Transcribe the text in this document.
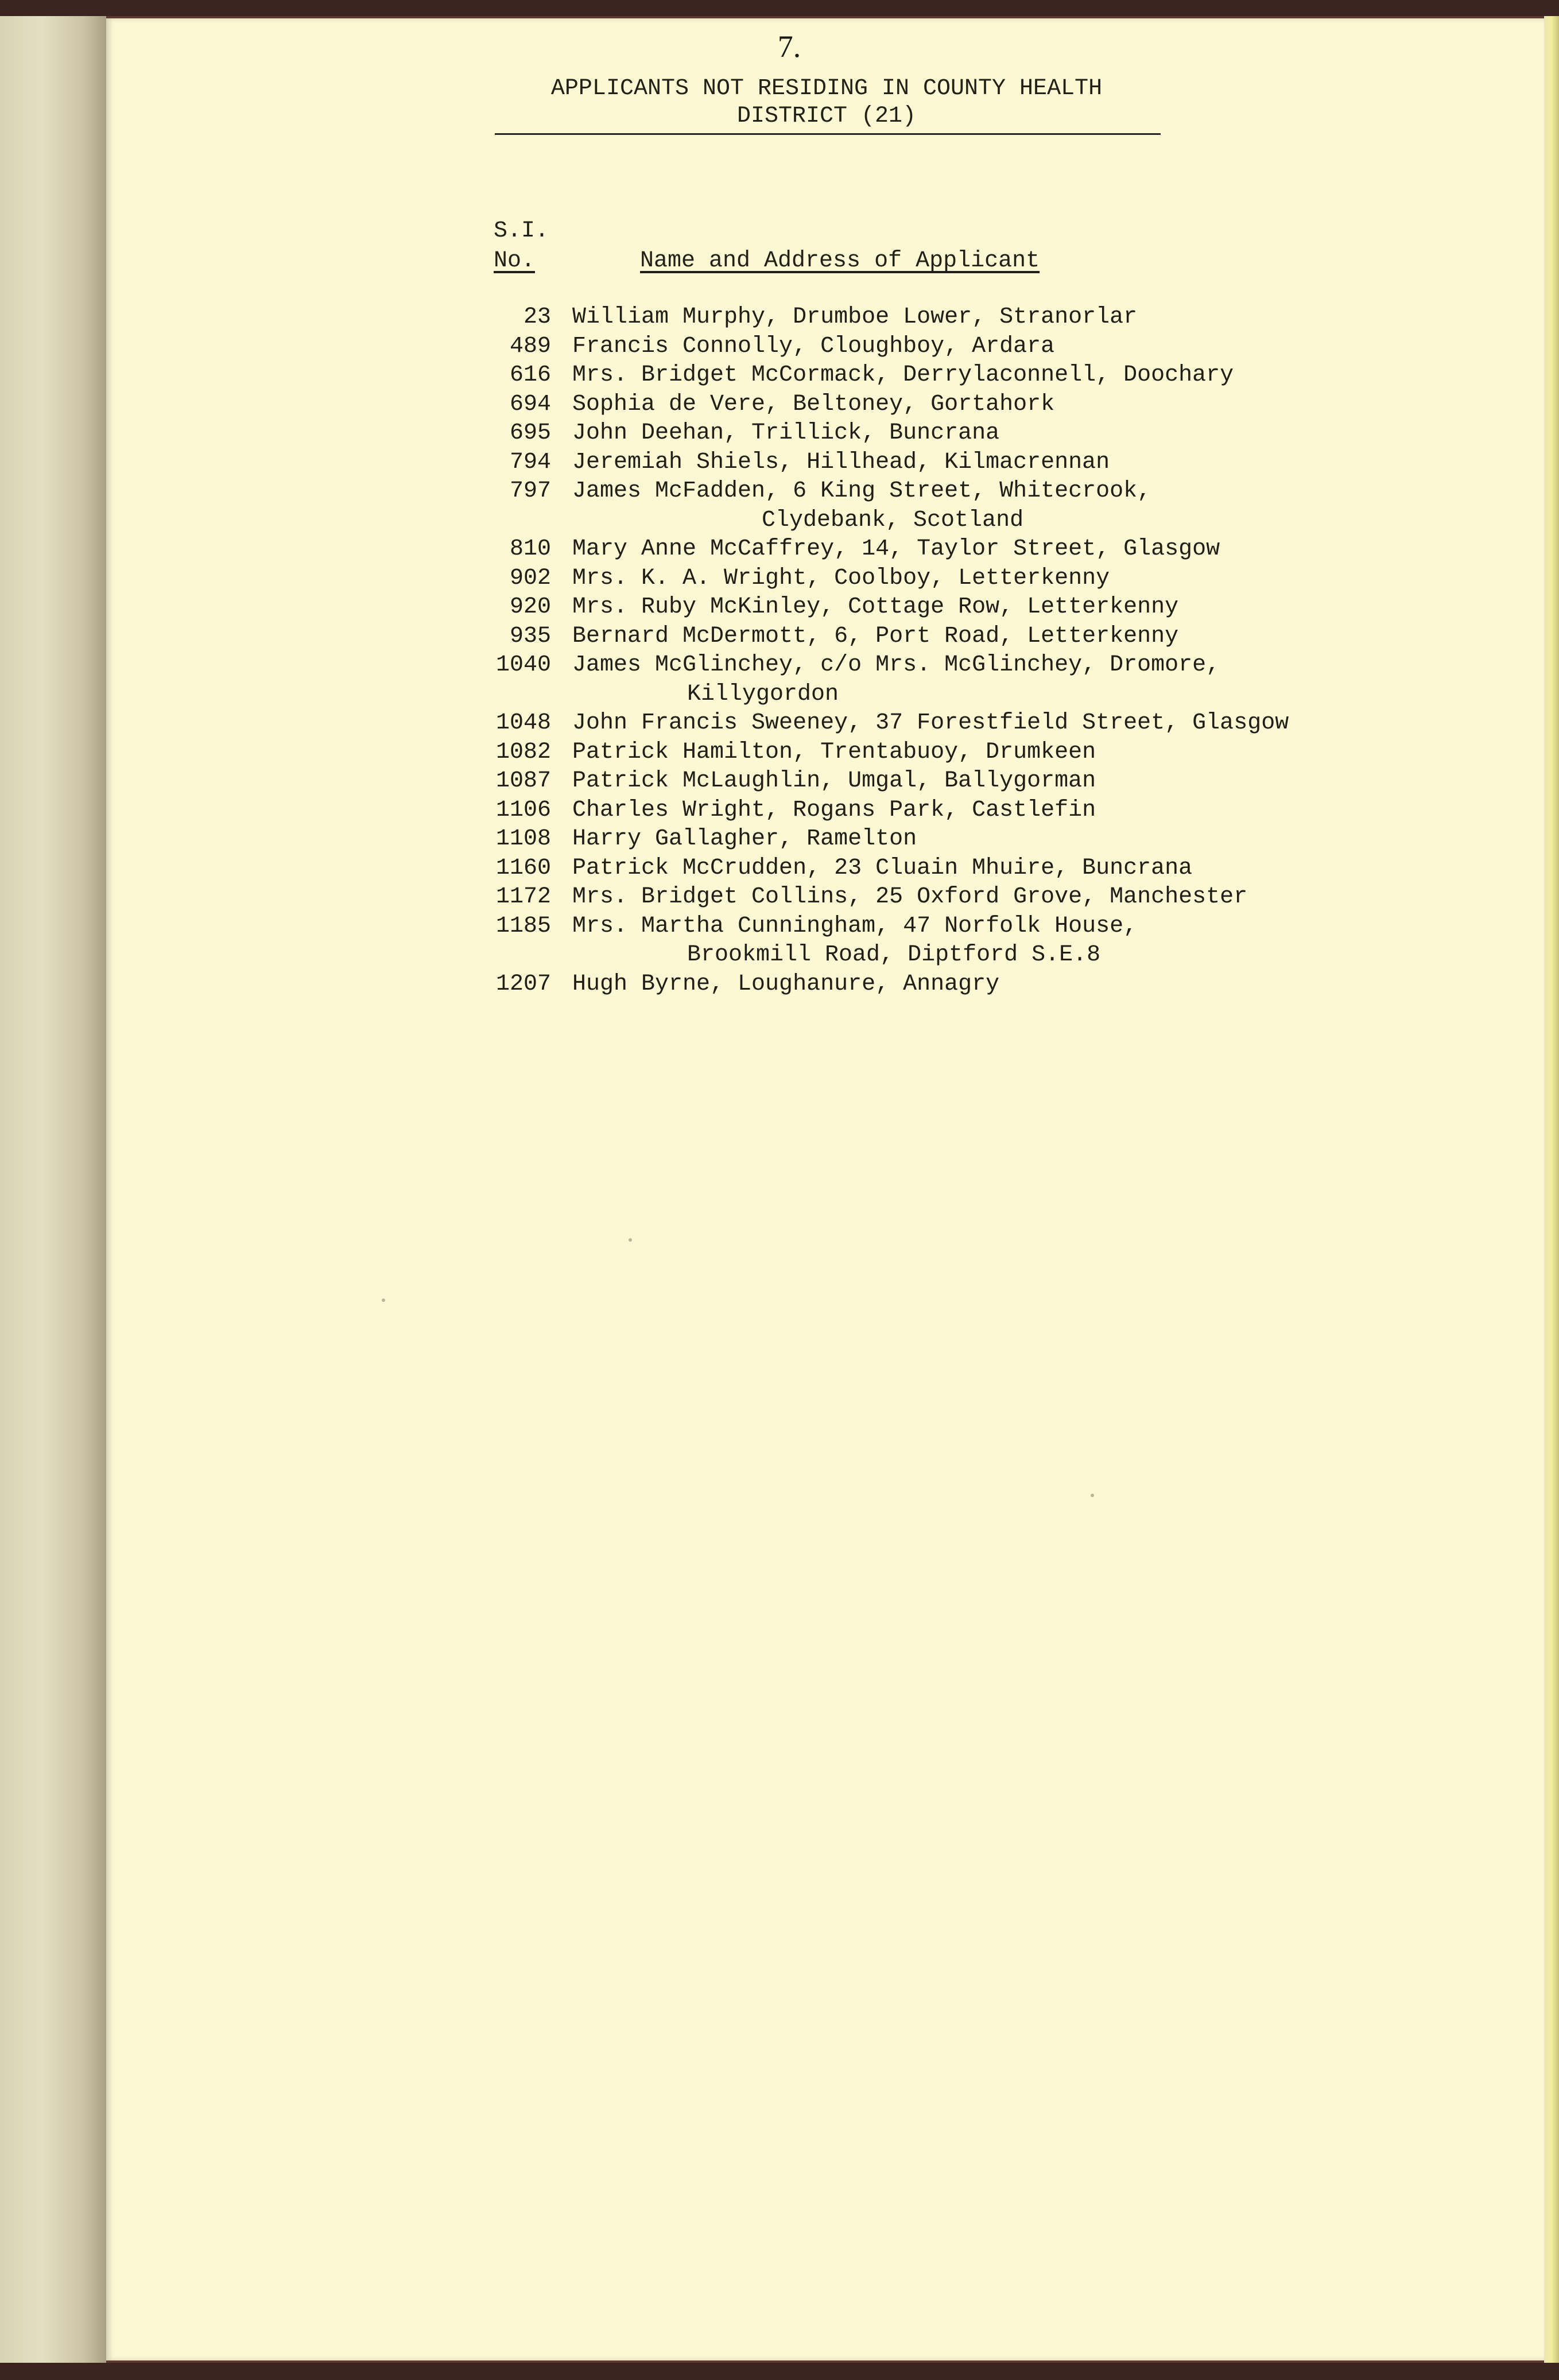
7.
APPLICANTS NOT RESIDING IN COUNTY HEALTH
DISTRICT (21)
S.I.
No.	Name and Address of Applicant
23 William Murphy, Drumboe Lower, Stranorlar
489 Francis Connolly, Cloughboy, Ardara
616 Mrs. Bridget McCormack, Derrylaconnell, Doochary
694 Sophia de Vere, Beltoney, Gortahork
695 John Deehan, Trillick, Buncrana
794 Jeremiah Shiels, Hillhead, Kilmacrennan
797 James McFadden, 6 King Street, Whitecrook,
Clydebank, Scotland
810 Mary Anne McCaffrey, 14, Taylor Street, Glasgow
902 Mrs. K. A. Wright, Coolboy, Letterkenny
920 Mrs. Ruby McKinley, Cottage Row, Letterkenny
935 Bernard McDermott, 6, Port Road, Letterkenny
1040 James McGlinchey, c/o Mrs. McGlinchey, Dromore,
Killygordon
1048 John Francis Sweeney, 37 Forestfield Street, Glasgow
1082 Patrick Hamilton, Trentabuoy, Drumkeen
1087 Patrick McLaughlin, Umgal, Ballygorman
1106 Charles Wright, Rogans Park, Castlefin
1108 Harry Gallagher, Ramelton
1160 Patrick McCrudden, 23 Cluain Mhuire, Buncrana
1172 Mrs. Bridget Collins, 25 Oxford Grove, Manchester
1185 Mrs. Martha Cunningham, 47 Norfolk House,
Brookmill Road, Diptford S.E.8
1207 Hugh Byrne, Loughanure, Annagry
